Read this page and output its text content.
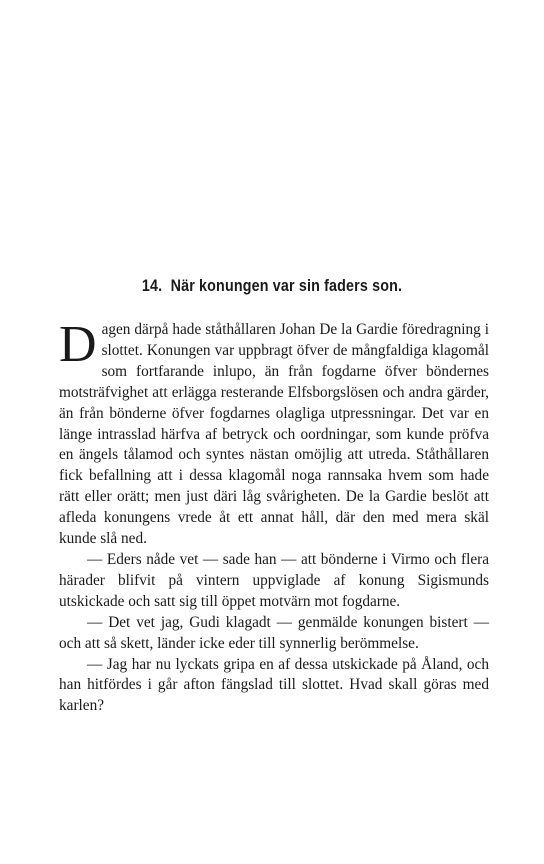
14. När konungen var sin faders son.

Dagen därpå hade ståthållaren Johan De la Gardie föredragning i slottet. Konungen var uppbragt öfver de mångfaldiga klagomål som fortfarande inlupo, än från fogdarne öfver böndernes motsträfvighet att erlägga resterande Elfsborgslösen och andra gärder, än från bönderne öfver fogdarnes olagliga utpressningar. Det var en länge intrasslad härfva af betryck och oordningar, som kunde pröfva en ängels tålamod och syntes nästan omöjlig att utreda. Ståthållaren fick befallning att i dessa klagomål noga rannsaka hvem som hade rätt eller orätt; men just däri låg svårigheten. De la Gardie beslöt att afleda konungens vrede åt ett annat håll, där den med mera skäl kunde slå ned.

— Eders nåde vet — sade han — att bönderne i Virmo och flera härader blifvit på vintern uppviglade af konung Sigismunds utskickade och satt sig till öppet motvärn mot fogdarne.

— Det vet jag, Gudi klagadt — genmälde konungen bistert — och att så skett, länder icke eder till synnerlig berömmelse.

— Jag har nu lyckats gripa en af dessa utskickade på Åland, och han hitfördes i går afton fängslad till slottet. Hvad skall göras med karlen?
